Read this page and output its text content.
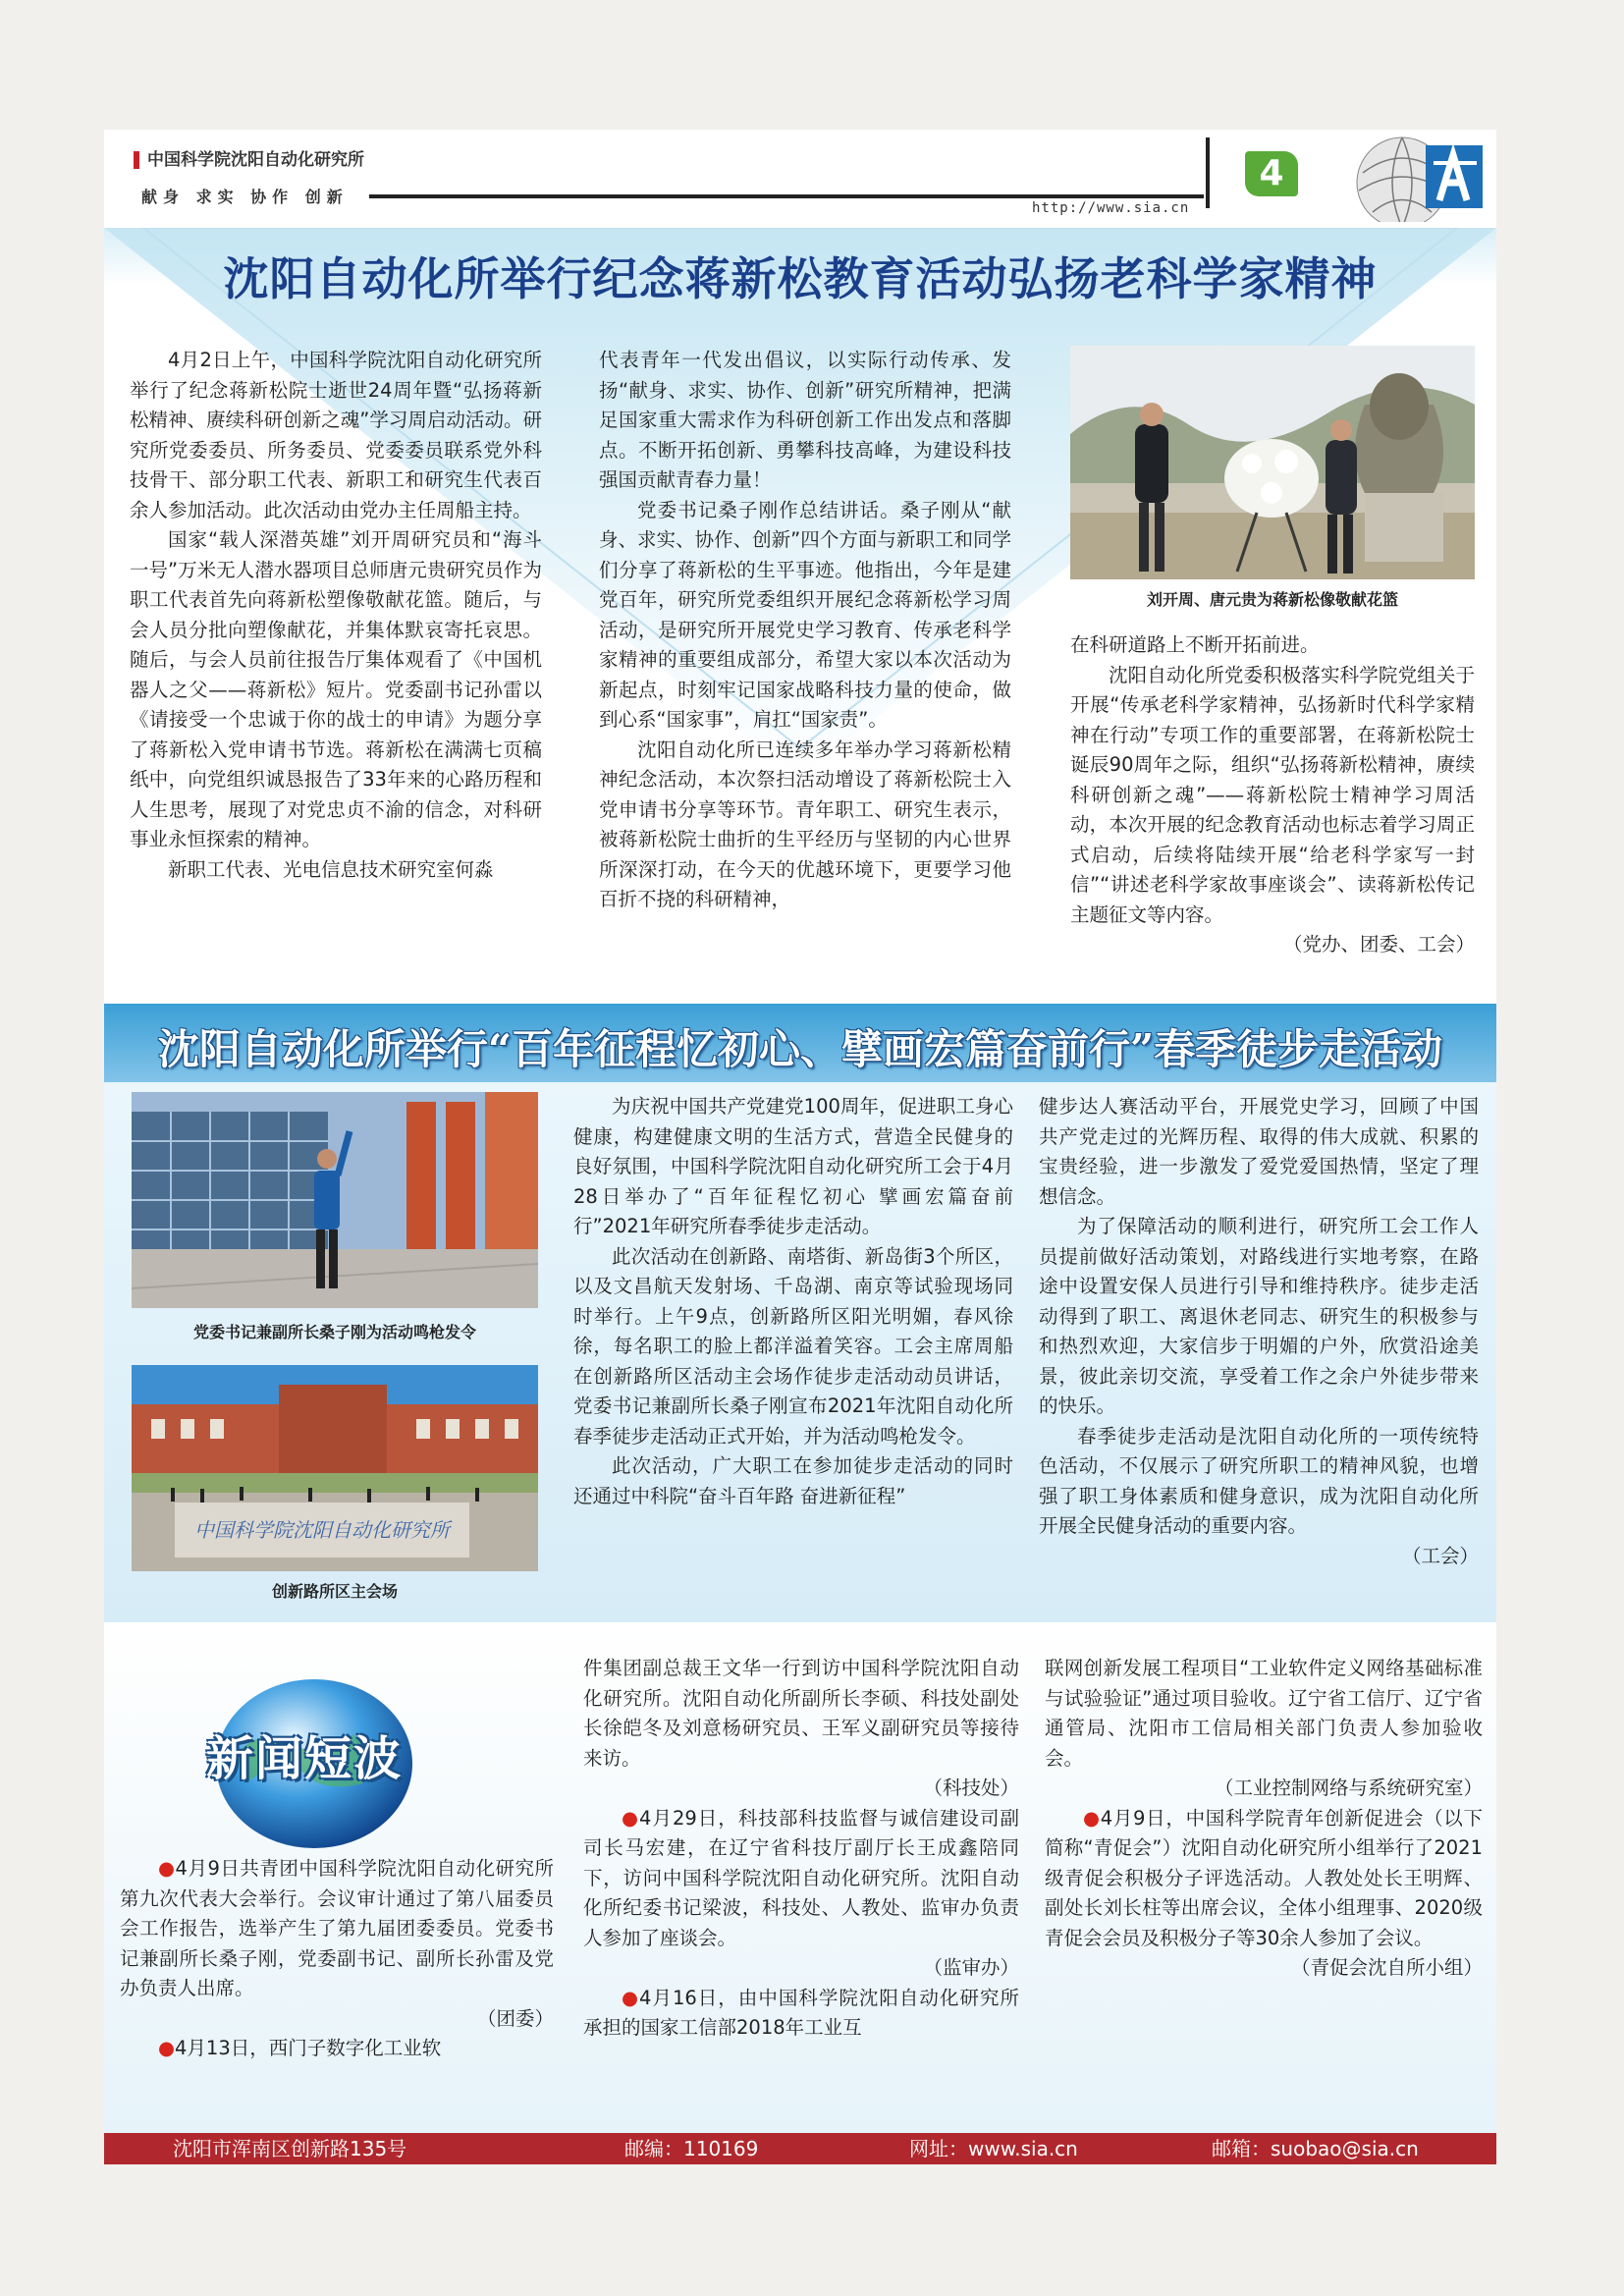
中国科学院沈阳自动化研究所
献身 求实 协作 创新
http://www.sia.cn
4
沈阳自动化所举行纪念蒋新松教育活动弘扬老科学家精神

4月2日上午，中国科学院沈阳自动化研究所举行了纪念蒋新松院士逝世24周年暨“弘扬蒋新松精神、赓续科研创新之魂”学习周启动活动。研究所党委委员、所务委员、党委委员联系党外科技骨干、部分职工代表、新职工和研究生代表百余人参加活动。此次活动由党办主任周船主持。

国家“载人深潜英雄”刘开周研究员和“海斗一号”万米无人潜水器项目总师唐元贵研究员作为职工代表首先向蒋新松塑像敬献花篮。随后，与会人员分批向塑像献花，并集体默哀寄托哀思。随后，与会人员前往报告厅集体观看了《中国机器人之父——蒋新松》短片。党委副书记孙雷以《请接受一个忠诚于你的战士的申请》为题分享了蒋新松入党申请书节选。蒋新松在满满七页稿纸中，向党组织诚恳报告了33年来的心路历程和人生思考，展现了对党忠贞不渝的信念，对科研事业永恒探索的精神。

新职工代表、光电信息技术研究室何淼

代表青年一代发出倡议，以实际行动传承、发扬“献身、求实、协作、创新”研究所精神，把满足国家重大需求作为科研创新工作出发点和落脚点。不断开拓创新、勇攀科技高峰，为建设科技强国贡献青春力量！

党委书记桑子刚作总结讲话。桑子刚从“献身、求实、协作、创新”四个方面与新职工和同学们分享了蒋新松的生平事迹。他指出，今年是建党百年，研究所党委组织开展纪念蒋新松学习周活动，是研究所开展党史学习教育、传承老科学家精神的重要组成部分，希望大家以本次活动为新起点，时刻牢记国家战略科技力量的使命，做到心系“国家事”，肩扛“国家责”。

沈阳自动化所已连续多年举办学习蒋新松精神纪念活动，本次祭扫活动增设了蒋新松院士入党申请书分享等环节。青年职工、研究生表示，被蒋新松院士曲折的生平经历与坚韧的内心世界所深深打动，在今天的优越环境下，更要学习他百折不挠的科研精神，

刘开周、唐元贵为蒋新松像敬献花篮

在科研道路上不断开拓前进。

沈阳自动化所党委积极落实科学院党组关于开展“传承老科学家精神，弘扬新时代科学家精神在行动”专项工作的重要部署，在蒋新松院士诞辰90周年之际，组织“弘扬蒋新松精神，赓续科研创新之魂”——蒋新松院士精神学习周活动，本次开展的纪念教育活动也标志着学习周正式启动，后续将陆续开展“给老科学家写一封信”“讲述老科学家故事座谈会”、读蒋新松传记主题征文等内容。

（党办、团委、工会）

沈阳自动化所举行“百年征程忆初心、擘画宏篇奋前行”春季徒步走活动
党委书记兼副所长桑子刚为活动鸣枪发令
中国科学院沈阳自动化研究所
创新路所区主会场

为庆祝中国共产党建党100周年，促进职工身心健康，构建健康文明的生活方式，营造全民健身的良好氛围，中国科学院沈阳自动化研究所工会于4月28日举办了“百年征程忆初心 擘画宏篇奋前行”2021年研究所春季徒步走活动。

此次活动在创新路、南塔街、新岛街3个所区，以及文昌航天发射场、千岛湖、南京等试验现场同时举行。上午9点，创新路所区阳光明媚，春风徐徐，每名职工的脸上都洋溢着笑容。工会主席周船在创新路所区活动主会场作徒步走活动动员讲话，党委书记兼副所长桑子刚宣布2021年沈阳自动化所春季徒步走活动正式开始，并为活动鸣枪发令。

此次活动，广大职工在参加徒步走活动的同时还通过中科院“奋斗百年路 奋进新征程”

健步达人赛活动平台，开展党史学习，回顾了中国共产党走过的光辉历程、取得的伟大成就、积累的宝贵经验，进一步激发了爱党爱国热情，坚定了理想信念。

为了保障活动的顺利进行，研究所工会工作人员提前做好活动策划，对路线进行实地考察，在路途中设置安保人员进行引导和维持秩序。徒步走活动得到了职工、离退休老同志、研究生的积极参与和热烈欢迎，大家信步于明媚的户外，欣赏沿途美景，彼此亲切交流，享受着工作之余户外徒步带来的快乐。

春季徒步走活动是沈阳自动化所的一项传统特色活动，不仅展示了研究所职工的精神风貌，也增强了职工身体素质和健身意识，成为沈阳自动化所开展全民健身活动的重要内容。

（工会）

新闻短波

●4月9日共青团中国科学院沈阳自动化研究所第九次代表大会举行。会议审计通过了第八届委员会工作报告，选举产生了第九届团委委员。党委书记兼副所长桑子刚，党委副书记、副所长孙雷及党办负责人出席。

（团委）

●4月13日，西门子数字化工业软

件集团副总裁王文华一行到访中国科学院沈阳自动化研究所。沈阳自动化所副所长李硕、科技处副处长徐皑冬及刘意杨研究员、王军义副研究员等接待来访。

（科技处）

●4月29日，科技部科技监督与诚信建设司副司长马宏建，在辽宁省科技厅副厅长王成鑫陪同下，访问中国科学院沈阳自动化研究所。沈阳自动化所纪委书记梁波，科技处、人教处、监审办负责人参加了座谈会。

（监审办）

●4月16日，由中国科学院沈阳自动化研究所承担的国家工信部2018年工业互

联网创新发展工程项目“工业软件定义网络基础标准与试验验证”通过项目验收。辽宁省工信厅、辽宁省通管局、沈阳市工信局相关部门负责人参加验收会。

（工业控制网络与系统研究室）

●4月9日，中国科学院青年创新促进会（以下简称“青促会”）沈阳自动化研究所小组举行了2021级青促会积极分子评选活动。人教处处长王明辉、副处长刘长柱等出席会议，全体小组理事、2020级青促会会员及积极分子等30余人参加了会议。

（青促会沈自所小组）

沈阳市浑南区创新路135号	邮编：110169	网址：www.sia.cn	邮箱：suobao@sia.cn
